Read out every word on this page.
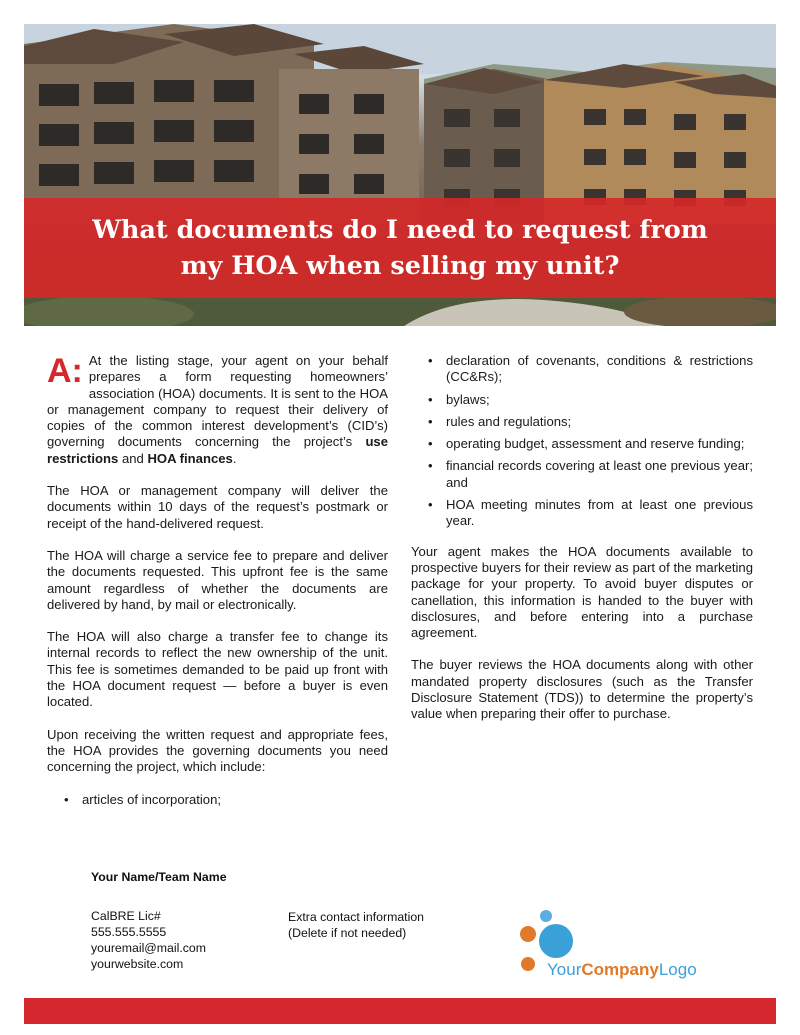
What documents do I need to request from
my HOA when selling my unit?

A: At the listing stage, your agent on your behalf prepares a form requesting homeowners’ association (HOA) documents. It is sent to the HOA or management company to request their delivery of copies of the common interest development’s (CID’s) governing documents concerning the project’s use restrictions and HOA finances.

The HOA or management company will deliver the documents within 10 days of the request’s postmark or receipt of the hand-delivered request.

The HOA will charge a service fee to prepare and deliver the documents requested. This upfront fee is the same amount regardless of whether the documents are delivered by hand, by mail or electronically.

The HOA will also charge a transfer fee to change its internal records to reflect the new ownership of the unit. This fee is sometimes demanded to be paid up front with the HOA document request — before a buyer is even located.

Upon receiving the written request and appropriate fees, the HOA provides the governing documents you need concerning the project, which include:

• articles of incorporation;
• declaration of covenants, conditions & restrictions (CC&Rs);
• bylaws;
• rules and regulations;
• operating budget, assessment and reserve funding;
• financial records covering at least one previous year; and
• HOA meeting minutes from at least one previous year.

Your agent makes the HOA documents available to prospective buyers for their review as part of the marketing package for your property. To avoid buyer disputes or canellation, this information is handed to the buyer with disclosures, and before entering into a purchase agreement.

The buyer reviews the HOA documents along with other mandated property disclosures (such as the Transfer Disclosure Statement (TDS)) to determine the property’s value when preparing their offer to purchase.

Your Name/Team Name
CalBRE Lic#
555.555.5555
youremail@mail.com
yourwebsite.com
Extra contact information
(Delete if not needed)
YourCompanyLogo
